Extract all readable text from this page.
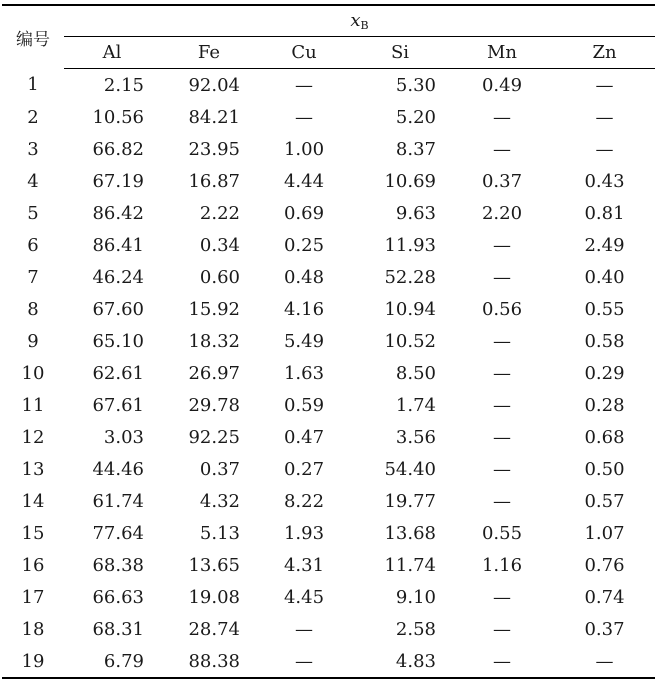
编号	$x_B$
	Al	Fe	Cu	Si	Mn	Zn
1	2.15	92.04	—	5.30	0.49	—
2	10.56	84.21	—	5.20	—	—
3	66.82	23.95	1.00	8.37	—	—
4	67.19	16.87	4.44	10.69	0.37	0.43
5	86.42	2.22	0.69	9.63	2.20	0.81
6	86.41	0.34	0.25	11.93	—	2.49
7	46.24	0.60	0.48	52.28	—	0.40
8	67.60	15.92	4.16	10.94	0.56	0.55
9	65.10	18.32	5.49	10.52	—	0.58
10	62.61	26.97	1.63	8.50	—	0.29
11	67.61	29.78	0.59	1.74	—	0.28
12	3.03	92.25	0.47	3.56	—	0.68
13	44.46	0.37	0.27	54.40	—	0.50
14	61.74	4.32	8.22	19.77	—	0.57
15	77.64	5.13	1.93	13.68	0.55	1.07
16	68.38	13.65	4.31	11.74	1.16	0.76
17	66.63	19.08	4.45	9.10	—	0.74
18	68.31	28.74	—	2.58	—	0.37
19	6.79	88.38	—	4.83	—	—
